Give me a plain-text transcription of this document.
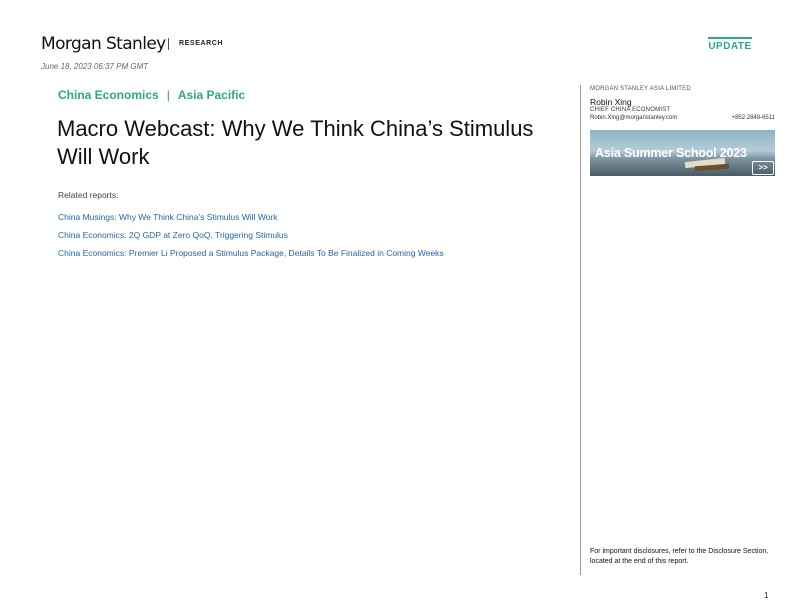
Morgan Stanley RESEARCH
June 18, 2023 06:37 PM GMT
UPDATE
China Economics | Asia Pacific
Macro Webcast: Why We Think China’s Stimulus Will Work
Related reports:
China Musings: Why We Think China’s Stimulus Will Work
China Economics: 2Q GDP at Zero QoQ, Triggering Stimulus
China Economics: Premier Li Proposed a Stimulus Package, Details To Be Finalized in Coming Weeks
MORGAN STANLEY ASIA LIMITED
Robin Xing
CHIEF CHINA ECONOMIST
Robin.Xing@morganstanley.com	+852 2848-6511
Asia Summer School 2023
>>
For important disclosures, refer to the Disclosure Section, located at the end of this report.
1
